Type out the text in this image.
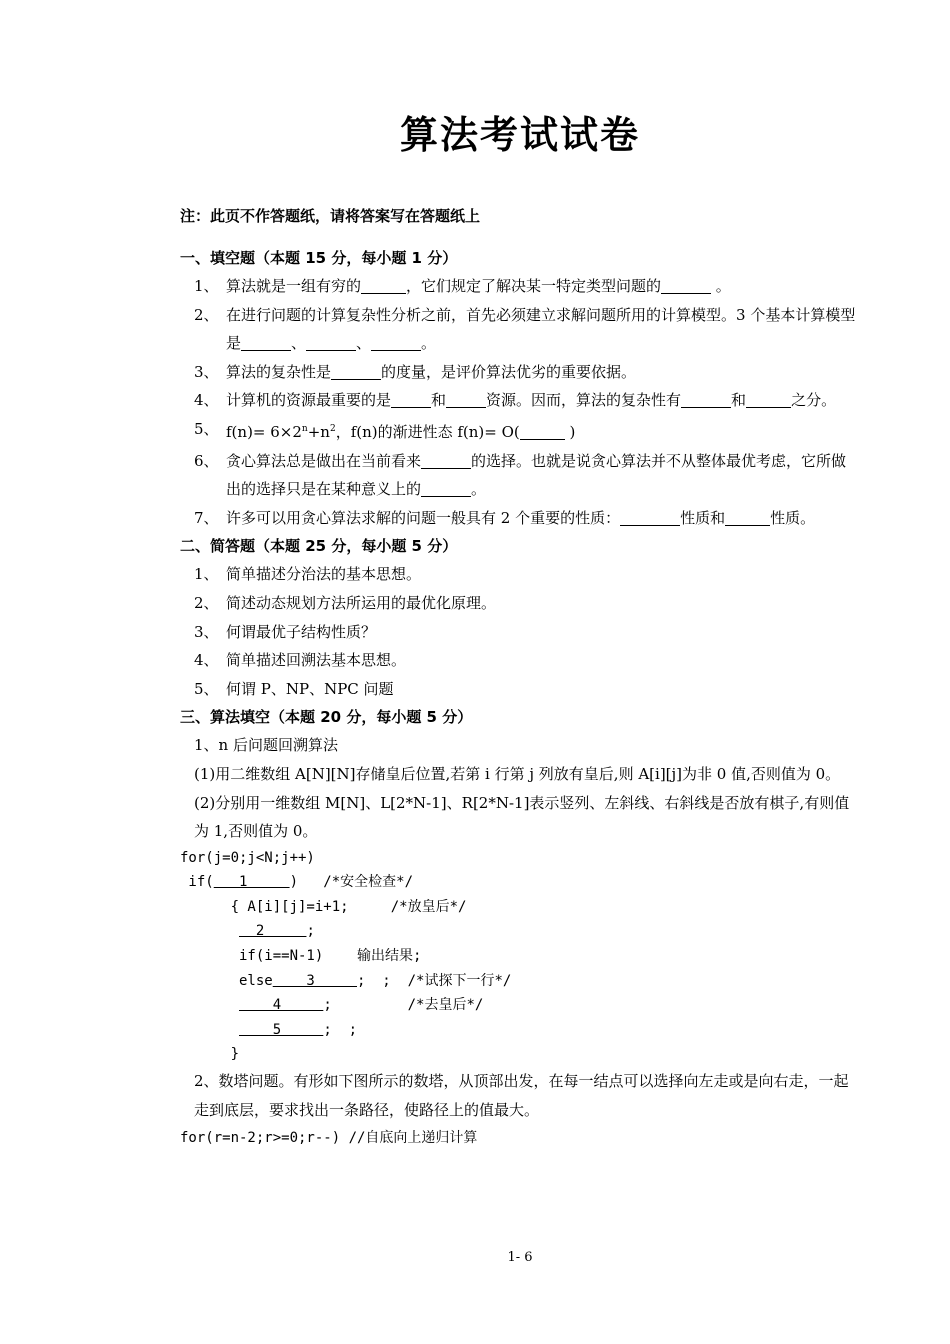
算法考试试卷
注：此页不作答题纸，请将答案写在答题纸上
一、填空题（本题 15 分，每小题 1 分）
1、 算法就是一组有穷的	，它们规定了解决某一特定类型问题的	。
2、 在进行问题的计算复杂性分析之前，首先必须建立求解问题所用的计算模型。3 个基本计算模型是	、	、	。
3、 算法的复杂性是	的度量，是评价算法优劣的重要依据。
4、 计算机的资源最重要的是	和	资源。因而，算法的复杂性有	和	之分。
5、 $f(n)= 6\times 2^n+n^2$，f(n)的渐进性态 f(n)= O(	)
6、 贪心算法总是做出在当前看来	的选择。也就是说贪心算法并不从整体最优考虑，它所做出的选择只是在某种意义上的	。
7、 许多可以用贪心算法求解的问题一般具有 2 个重要的性质：	性质和	性质。
二、简答题（本题 25 分，每小题 5 分）
1、 简单描述分治法的基本思想。
2、 简述动态规划方法所运用的最优化原理。
3、 何谓最优子结构性质？
4、 简单描述回溯法基本思想。
5、 何谓 P、NP、NPC 问题
三、算法填空（本题 20 分，每小题 5 分）
1、n 后问题回溯算法
(1)用二维数组 A[N][N]存储皇后位置,若第 i 行第 j 列放有皇后,则 A[i][j]为非 0 值,否则值为 0。
(2)分别用一维数组 M[N]、L[2*N-1]、R[2*N-1]表示竖列、左斜线、右斜线是否放有棋子,有则值为 1,否则值为 0。
for(j=0;j<N;j++)
if(   1     )   /*安全检查*/
{ A[i][j]=i+1;     /*放皇后*/
2     ;
if(i==N-1)    输出结果;
else    3     ;  ;  /*试探下一行*/
4     ;         /*去皇后*/
5     ;  ;
}
2、数塔问题。有形如下图所示的数塔，从顶部出发，在每一结点可以选择向左走或是向右走，一起走到底层，要求找出一条路径，使路径上的值最大。
for(r=n-2;r>=0;r--) //自底向上递归计算
1- 6
